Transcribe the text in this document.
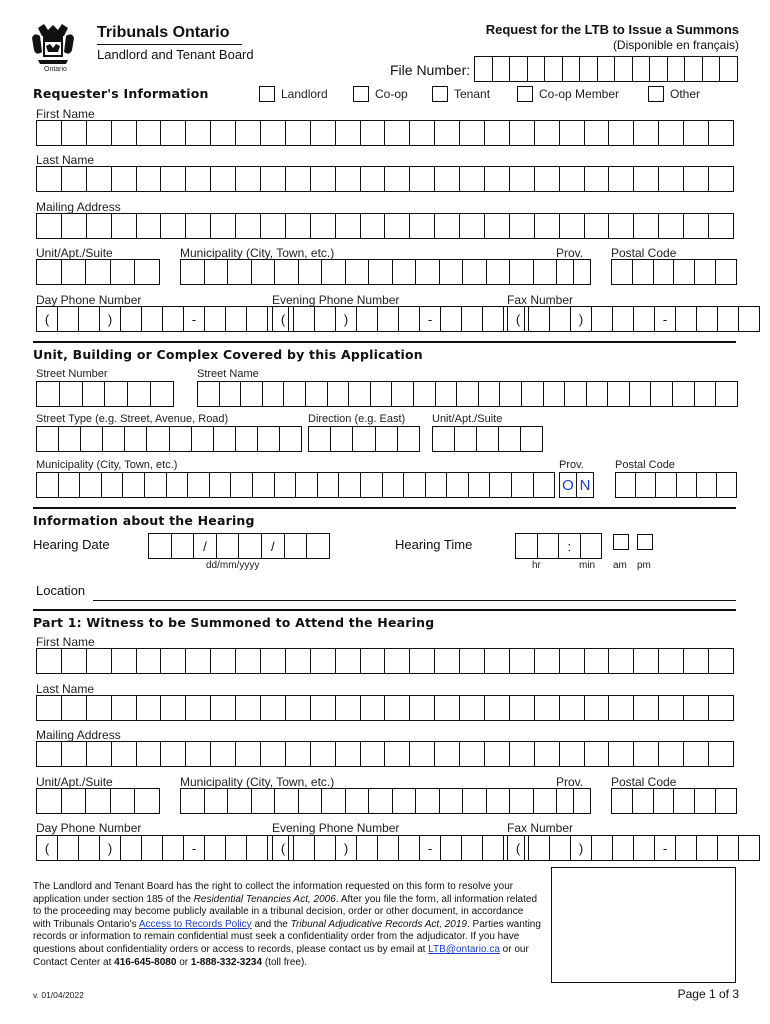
Ontario
Tribunals Ontario
Landlord and Tenant Board
Request for the LTB to Issue a Summons
(Disponible en français)
File Number:
Requester's Information	Landlord	Co-op	Tenant	Co-op Member	Other
First Name
Last Name
Mailing Address
Unit/Apt./Suite	Municipality (City, Town, etc.)	Prov. Postal Code
Day Phone Number	Evening Phone Number	Fax Number
(	)	-	(	)	-	(	)	-
Unit, Building or Complex Covered by this Application
Street Number	Street Name
Street Type (e.g. Street, Avenue, Road)	Direction (e.g. East) Unit/Apt./Suite
Municipality (City, Town, etc.)	Prov.	Postal Code
O N
Information about the Hearing
Hearing Date	/	/
dd/mm/yyyy
Hearing Time	:
hr	min am pm
Location
Part 1: Witness to be Summoned to Attend the Hearing
First Name
Last Name
Mailing Address
Unit/Apt./Suite	Municipality (City, Town, etc.)	Prov. Postal Code
Day Phone Number	Evening Phone Number	Fax Number
(	)	-	(	)	-	(	)	-
The Landlord and Tenant Board has the right to collect the information requested on this form to resolve your application under section 185 of the Residential Tenancies Act, 2006. After you file the form, all information related to the proceeding may become publicly available in a tribunal decision, order or other document, in accordance with Tribunals Ontario's Access to Records Policy and the Tribunal Adjudicative Records Act, 2019. Parties wanting records or information to remain confidential must seek a confidentiality order from the adjudicator. If you have questions about confidentiality orders or access to records, please contact us by email at LTB@ontario.ca or our Contact Center at 416-645-8080 or 1-888-332-3234 (toll free).
v. 01/04/2022	Page 1 of 3
